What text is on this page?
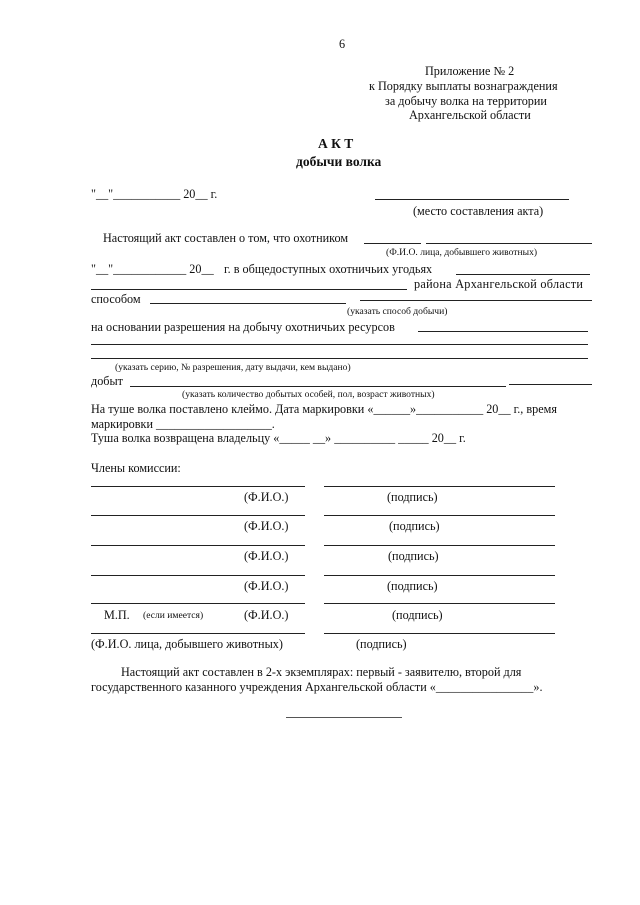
6
Приложение № 2
к Порядку выплаты вознаграждения
за добычу волка на территории
Архангельской области
А К Т
добычи волка
"__"___________ 20__ г.
(место составления акта)
Настоящий акт составлен о том, что охотником
(Ф.И.О. лица, добывшего животных)
"__"____________ 20__ г. в общедоступных охотничьих угодьях
района Архангельской области
способом
(указать способ добычи)
на основании разрешения на добычу охотничьих ресурсов
(указать серию, № разрешения, дату выдачи, кем выдано)
добыт
(указать количество добытых особей, пол, возраст животных)
На туше волка поставлено клеймо. Дата маркировки «______»___________ 20__ г., время
маркировки ___________________.
Туша волка возвращена владельцу «_____ __» __________ _____ 20__ г.
Члены комиссии:
(Ф.И.О.)	(подпись)
(Ф.И.О.)	(подпись)
(Ф.И.О.)	(подпись)
(Ф.И.О.)	(подпись)
М.П. (если имеется)	(Ф.И.О.)	(подпись)
(Ф.И.О. лица, добывшего животных)	(подпись)
Настоящий акт составлен в 2-х экземплярах: первый - заявителю, второй для
государственного казанного учреждения Архангельской области «________________».
